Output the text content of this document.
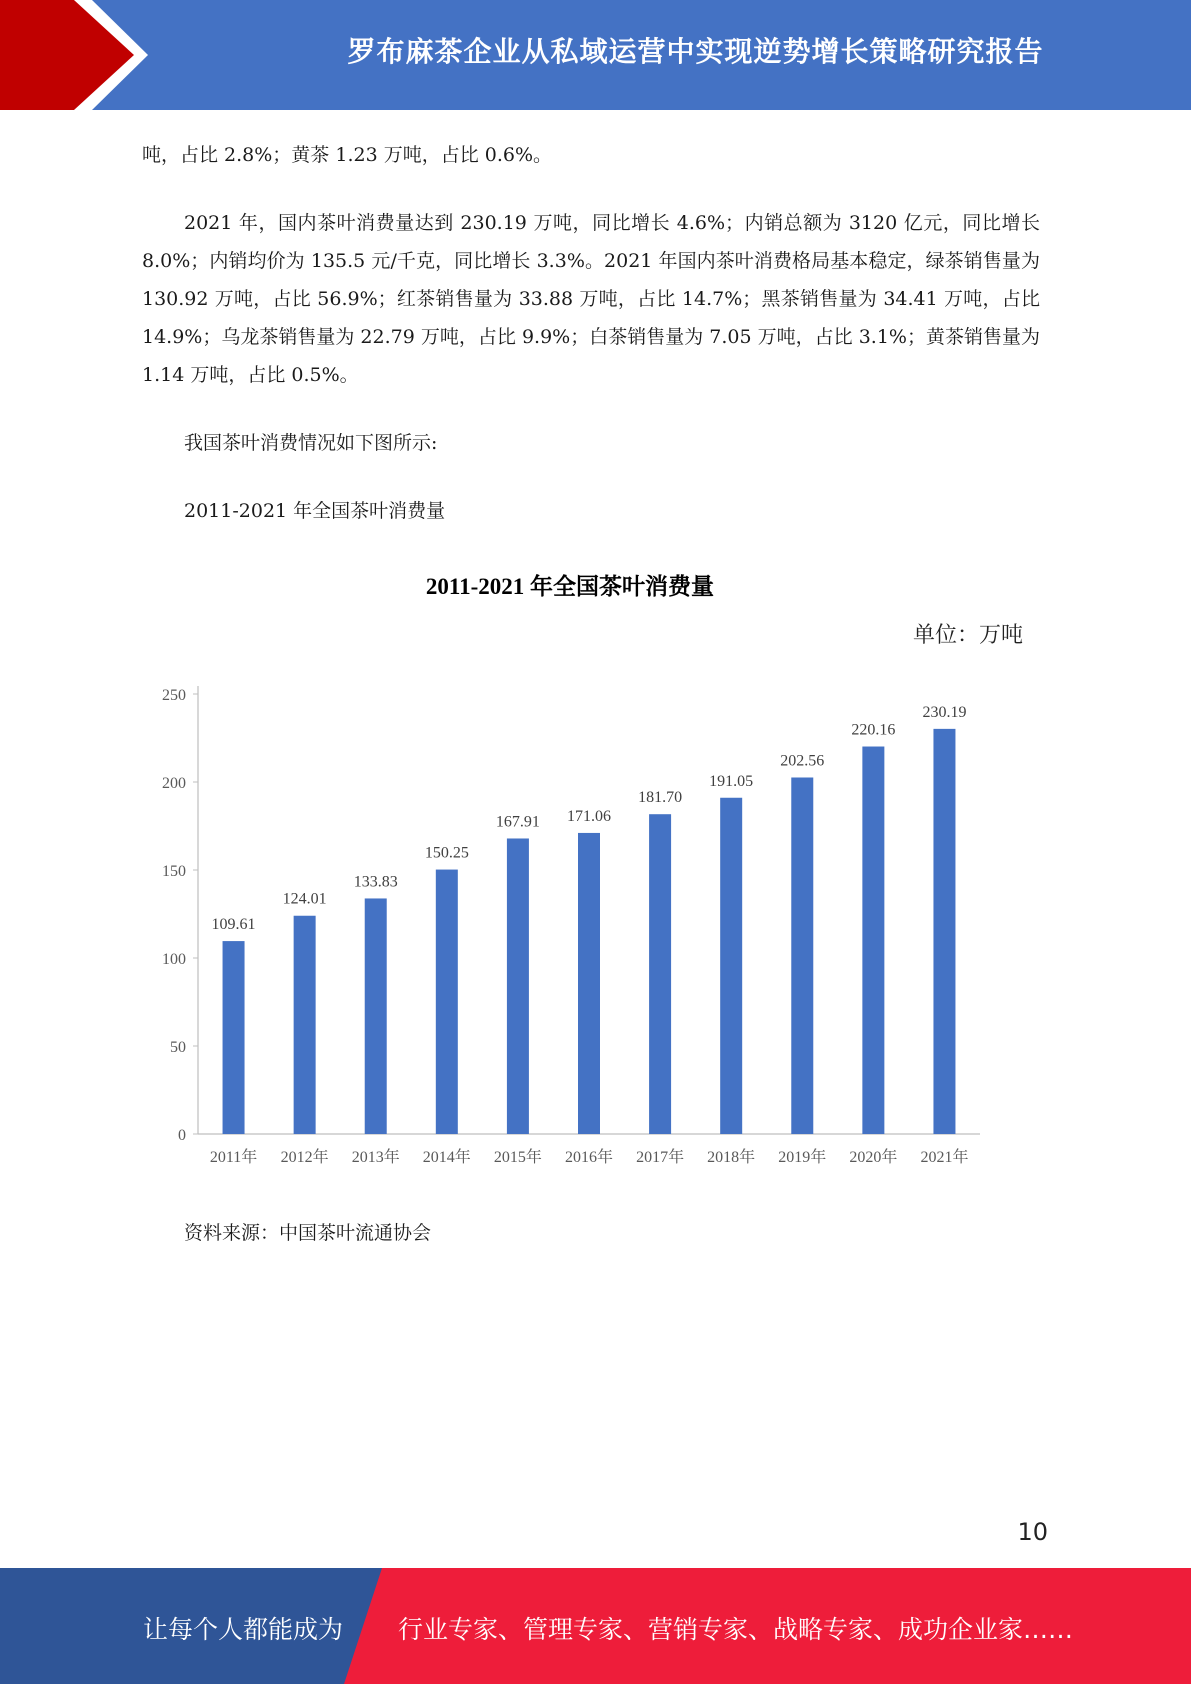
罗布麻茶企业从私域运营中实现逆势增长策略研究报告

吨，占比 2.8%；黄茶 1.23 万吨，占比 0.6%。

2021 年，国内茶叶消费量达到 230.19 万吨，同比增长 4.6%；内销总额为 3120 亿元，同比增长 8.0%；内销均价为 135.5 元/千克，同比增长 3.3%。2021 年国内茶叶消费格局基本稳定，绿茶销售量为 130.92 万吨，占比 56.9%；红茶销售量为 33.88 万吨，占比 14.7%；黑茶销售量为 34.41 万吨，占比 14.9%；乌龙茶销售量为 22.79 万吨，占比 9.9%；白茶销售量为 7.05 万吨，占比 3.1%；黄茶销售量为 1.14 万吨，占比 0.5%。

我国茶叶消费情况如下图所示:

2011-2021 年全国茶叶消费量

2011-2021 年全国茶叶消费量
单位：万吨
0
50
100
150
200
250
109.61
2011年
124.01
2012年
133.83
2013年
150.25
2014年
167.91
2015年
171.06
2016年
181.70
2017年
191.05
2018年
202.56
2019年
220.16
2020年
230.19
2021年
资料来源：中国茶叶流通协会
10
让每个人都能成为 行业专家、管理专家、营销专家、战略专家、成功企业家……
